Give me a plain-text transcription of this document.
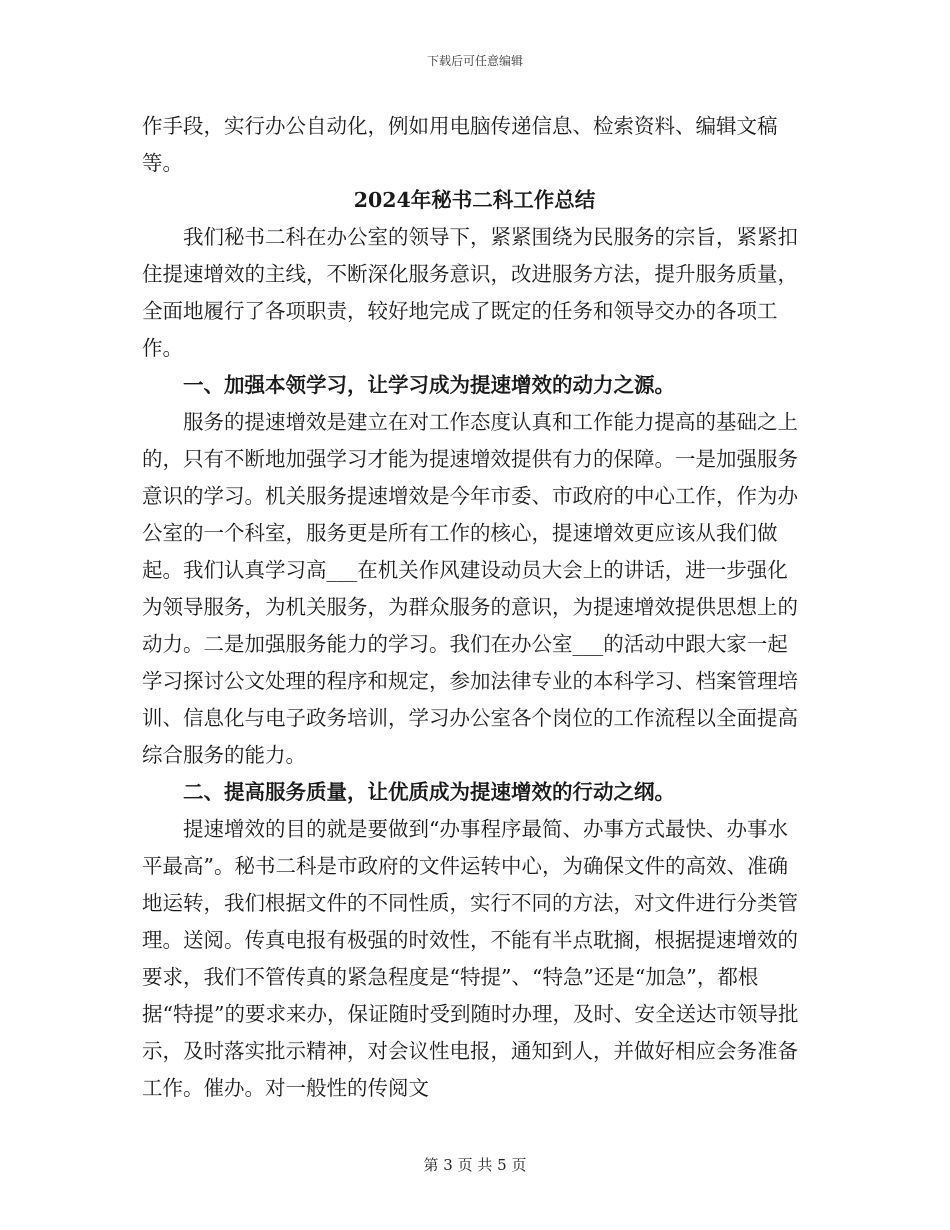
下载后可任意编辑

作手段，实行办公自动化，例如用电脑传递信息、检索资料、编辑文稿等。

2024年秘书二科工作总结

我们秘书二科在办公室的领导下，紧紧围绕为民服务的宗旨，紧紧扣住提速增效的主线，不断深化服务意识，改进服务方法，提升服务质量，全面地履行了各项职责，较好地完成了既定的任务和领导交办的各项工作。

一、加强本领学习，让学习成为提速增效的动力之源。

服务的提速增效是建立在对工作态度认真和工作能力提高的基础之上的，只有不断地加强学习才能为提速增效提供有力的保障。一是加强服务意识的学习。机关服务提速增效是今年市委、市政府的中心工作，作为办公室的一个科室，服务更是所有工作的核心，提速增效更应该从我们做起。我们认真学习高___在机关作风建设动员大会上的讲话，进一步强化为领导服务，为机关服务，为群众服务的意识，为提速增效提供思想上的动力。二是加强服务能力的学习。我们在办公室___的活动中跟大家一起学习探讨公文处理的程序和规定，参加法律专业的本科学习、档案管理培训、信息化与电子政务培训，学习办公室各个岗位的工作流程以全面提高综合服务的能力。

二、提高服务质量，让优质成为提速增效的行动之纲。

提速增效的目的就是要做到“办事程序最简、办事方式最快、办事水平最高”。秘书二科是市政府的文件运转中心，为确保文件的高效、准确地运转，我们根据文件的不同性质，实行不同的方法，对文件进行分类管理。送阅。传真电报有极强的时效性，不能有半点耽搁，根据提速增效的要求，我们不管传真的紧急程度是“特提”、“特急”还是“加急”，都根据“特提”的要求来办，保证随时受到随时办理，及时、安全送达市领导批示，及时落实批示精神，对会议性电报，通知到人，并做好相应会务准备工作。催办。对一般性的传阅文

第 3 页 共 5 页
